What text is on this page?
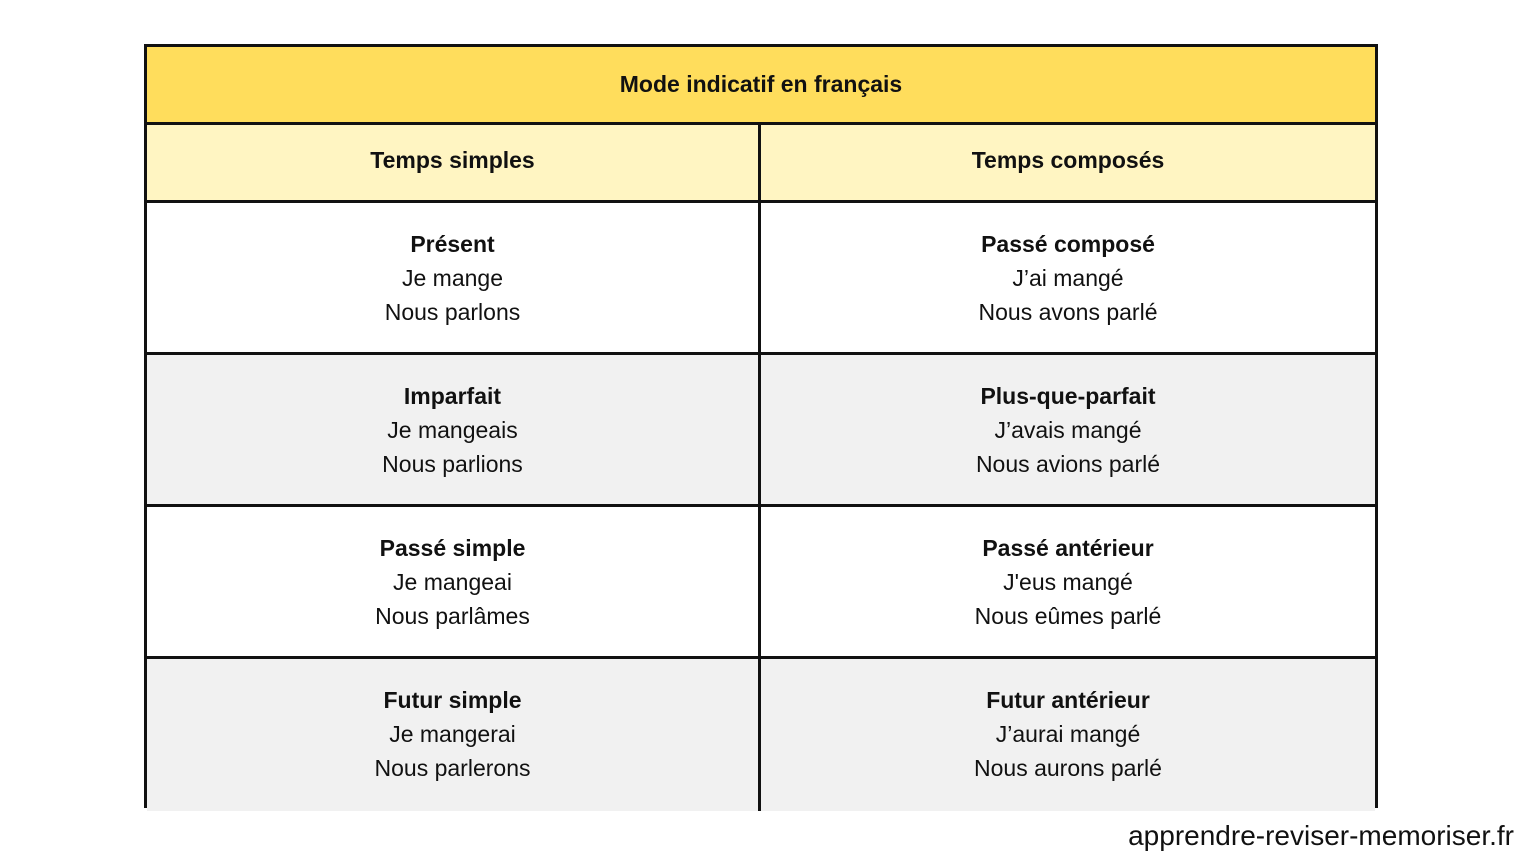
Mode indicatif en français
Temps simples	Temps composés
Présent
Je mange
Nous parlons
Passé composé
J’ai mangé
Nous avons parlé
Imparfait
Je mangeais
Nous parlions
Plus-que-parfait
J’avais mangé
Nous avions parlé
Passé simple
Je mangeai
Nous parlâmes
Passé antérieur
J'eus mangé
Nous eûmes parlé
Futur simple
Je mangerai
Nous parlerons
Futur antérieur
J’aurai mangé
Nous aurons parlé
apprendre-reviser-memoriser.fr
